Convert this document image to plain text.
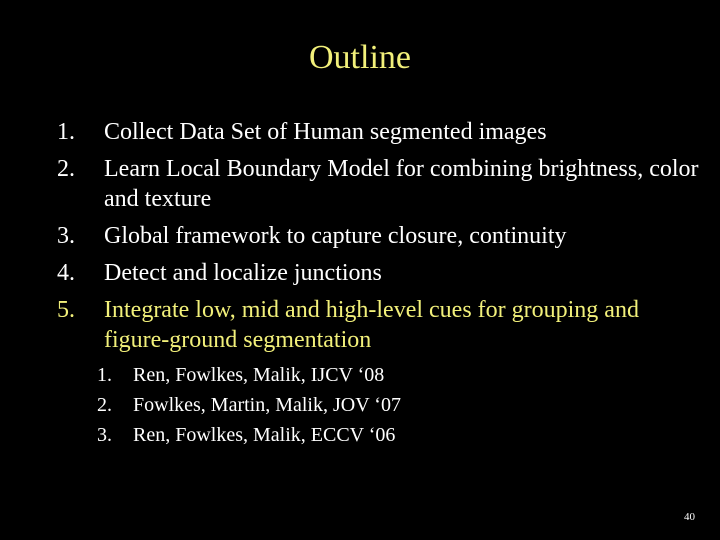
Outline
1. Collect Data Set of Human segmented images
2. Learn Local Boundary Model for combining brightness, color and texture
3. Global framework to capture closure, continuity
4. Detect and localize junctions
5. Integrate low, mid and high-level cues for grouping and figure-ground segmentation
1. Ren, Fowlkes, Malik, IJCV ‘08
2. Fowlkes, Martin, Malik, JOV ‘07
3. Ren, Fowlkes, Malik, ECCV ‘06
40
